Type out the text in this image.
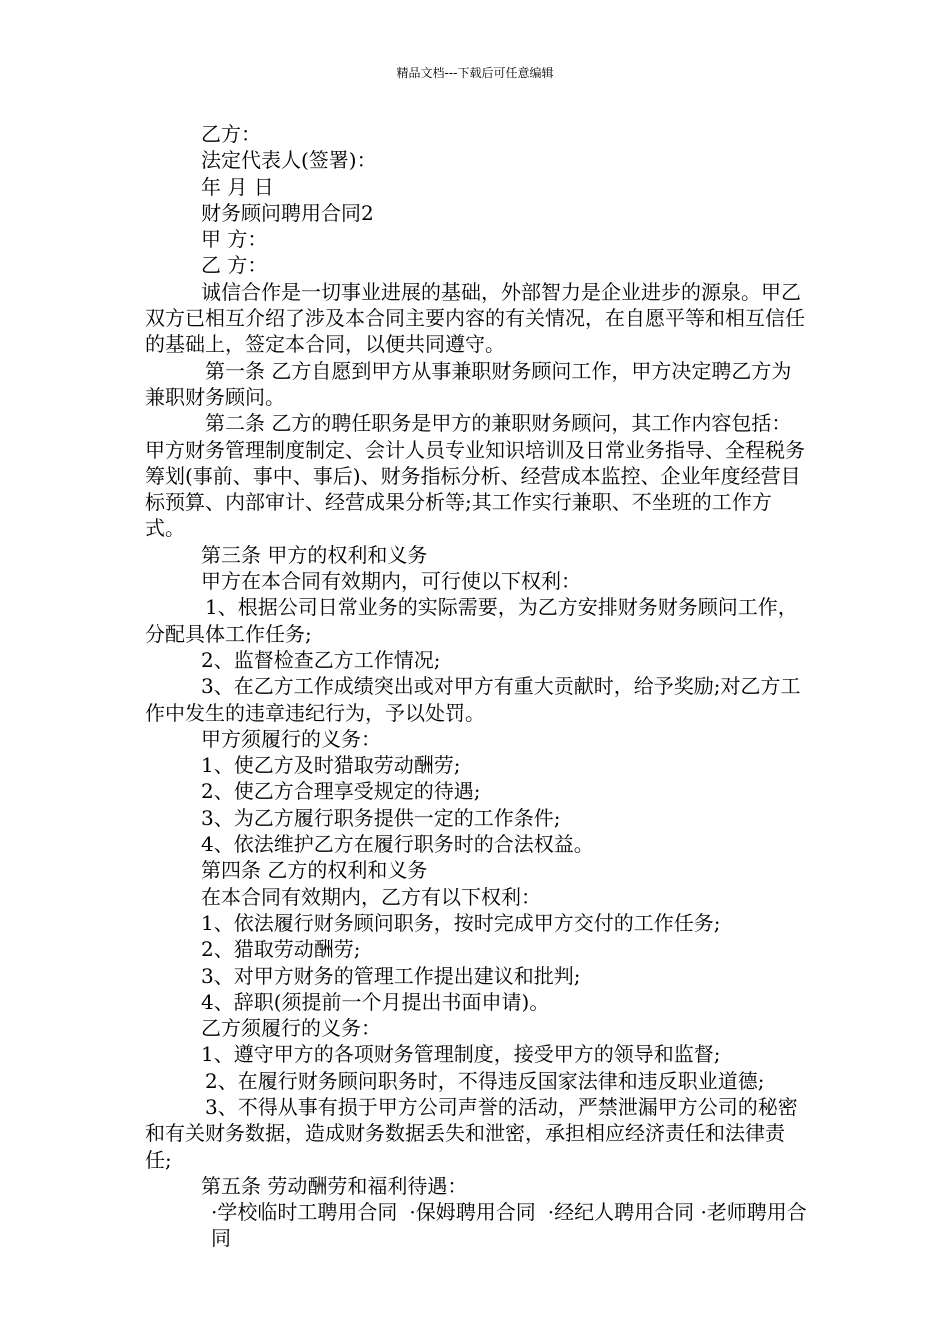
精品文档---下载后可任意编辑

乙方：

法定代表人(签署)：

年 月 日

财务顾问聘用合同2

甲 方：

乙 方：

诚信合作是一切事业进展的基础，外部智力是企业进步的源泉。甲乙双方已相互介绍了涉及本合同主要内容的有关情况，在自愿平等和相互信任的基础上，签定本合同，以便共同遵守。

第一条 乙方自愿到甲方从事兼职财务顾问工作，甲方决定聘乙方为兼职财务顾问。

第二条 乙方的聘任职务是甲方的兼职财务顾问，其工作内容包括：甲方财务管理制度制定、会计人员专业知识培训及日常业务指导、全程税务筹划(事前、事中、事后)、财务指标分析、经营成本监控、企业年度经营目标预算、内部审计、经营成果分析等;其工作实行兼职、不坐班的工作方式。

第三条 甲方的权利和义务

甲方在本合同有效期内，可行使以下权利：

1、根据公司日常业务的实际需要，为乙方安排财务财务顾问工作，分配具体工作任务;

2、监督检查乙方工作情况;

3、在乙方工作成绩突出或对甲方有重大贡献时，给予奖励;对乙方工作中发生的违章违纪行为，予以处罚。

甲方须履行的义务：

1、使乙方及时猎取劳动酬劳;

2、使乙方合理享受规定的待遇;

3、为乙方履行职务提供一定的工作条件;

4、依法维护乙方在履行职务时的合法权益。

第四条 乙方的权利和义务

在本合同有效期内，乙方有以下权利：

1、依法履行财务顾问职务，按时完成甲方交付的工作任务;

2、猎取劳动酬劳;

3、对甲方财务的管理工作提出建议和批判;

4、辞职(须提前一个月提出书面申请)。

乙方须履行的义务：

1、遵守甲方的各项财务管理制度，接受甲方的领导和监督;

2、在履行财务顾问职务时，不得违反国家法律和违反职业道德;

3、不得从事有损于甲方公司声誉的活动，严禁泄漏甲方公司的秘密和有关财务数据，造成财务数据丢失和泄密，承担相应经济责任和法律责任;

第五条 劳动酬劳和福利待遇：

·学校临时工聘用合同 ·保姆聘用合同 ·经纪人聘用合同 ·老师聘用合同
